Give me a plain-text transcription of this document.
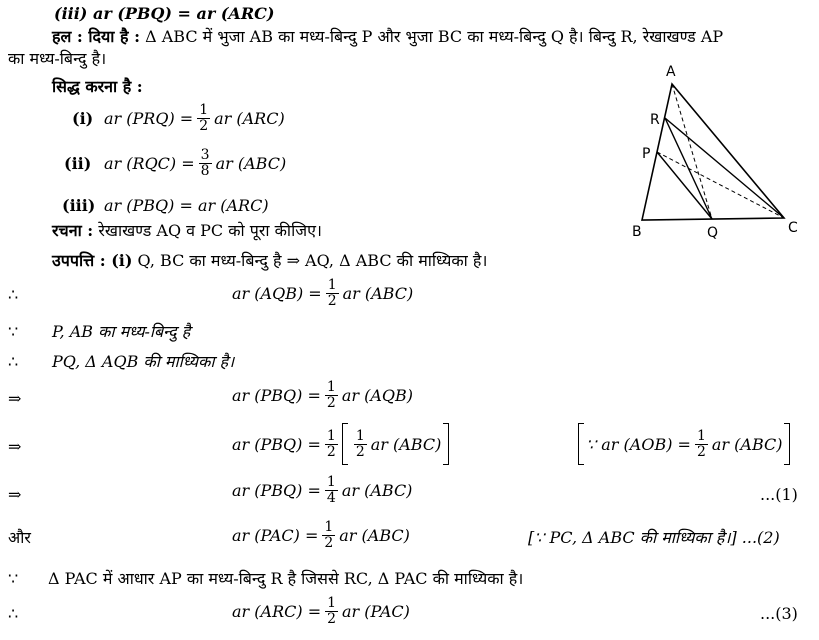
(iii) ar (PBQ) = ar (ARC)
हल : दिया है : Δ ABC में भुजा AB का मध्य-बिन्दु P और भुजा BC का मध्य-बिन्दु Q है। बिन्दु R, रेखाखण्ड AP
का मध्य-बिन्दु है।
सिद्ध करना है :
(i) ar $(PRQ) = \frac{1}{2}$ ar (ARC)
(ii) ar $(RQC) = \frac{3}{8}$ ar (ABC)
(iii) ar (PBQ) = ar (ARC)
रचना : रेखाखण्ड AQ व PC को पूरा कीजिए।
उपपत्ति : (i) Q, BC का मध्य-बिन्दु है ⇒ AQ, Δ ABC की माध्यिका है।
∴	ar $(AQB) = \frac{1}{2}$ ar (ABC)
∵ P, AB का मध्य-बिन्दु है
∴ PQ, Δ AQB की माध्यिका है।
⇒	ar $(PBQ) = \frac{1}{2}$ ar (AQB)
⇒	ar $(PBQ) = \frac{1}{2} \frac{1}{2}$ ar (ABC)	∵ ar $(AOB) = \frac{1}{2}$ ar (ABC)
⇒	ar $(PBQ) = \frac{1}{4}$ ar (ABC)	...(1)
और	ar $(PAC) = \frac{1}{2}$ ar (ABC)	[∵ PC, Δ ABC की माध्यिका है।] ...(2)
∵ Δ PAC में आधार AP का मध्य-बिन्दु R है जिससे RC, Δ PAC की माध्यिका है।
∴	ar $(ARC) = \frac{1}{2}$ ar (PAC)	...(3)
A
B	C
Q
P
R
